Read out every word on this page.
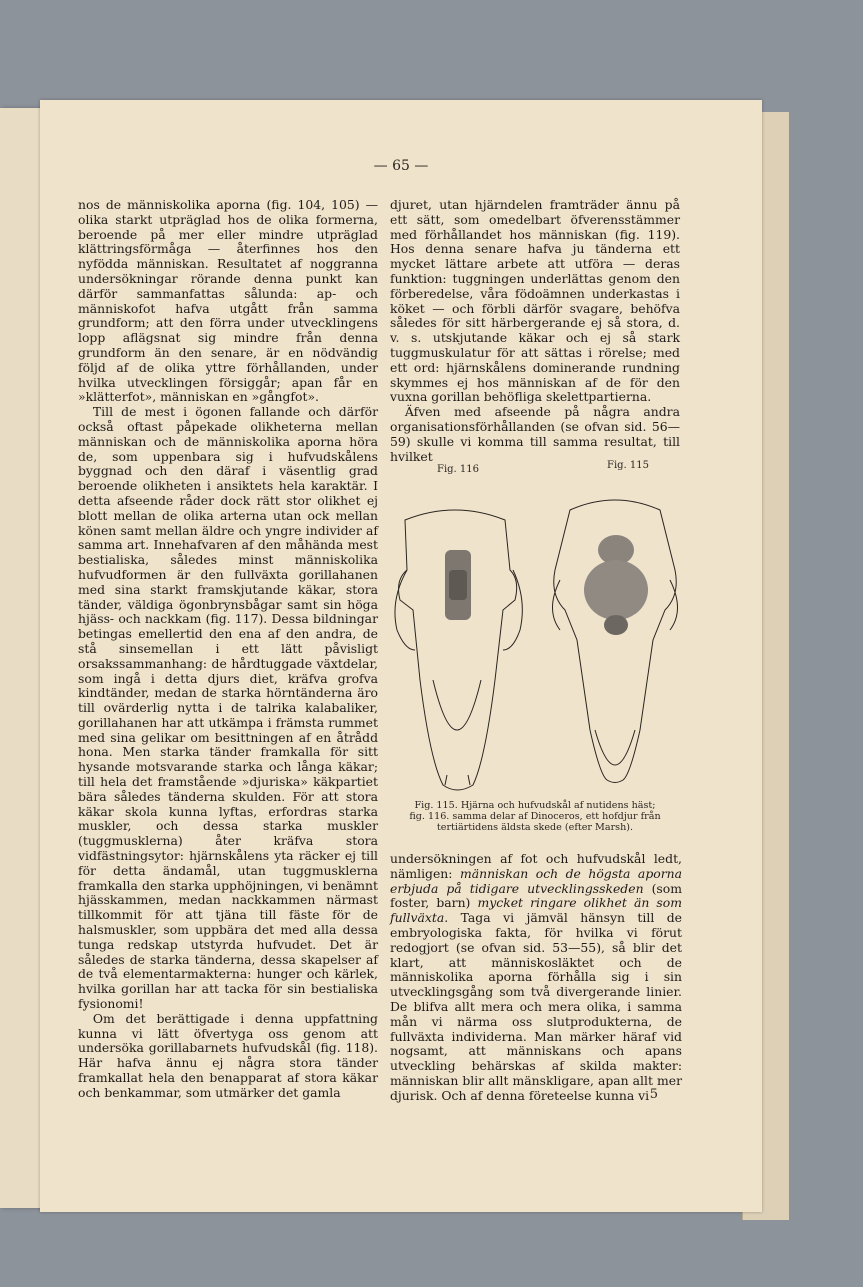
— 65 —

nos de människolika aporna (fig. 104, 105) — olika starkt utpräglad hos de olika formerna, beroende på mer eller mindre utpräglad klättringsförmåga — återfinnes hos den nyfödda människan. Resultatet af noggranna undersökningar rörande denna punkt kan därför sammanfattas sålunda: ap- och människofot hafva utgått från samma grundform; att den förra under utvecklingens lopp aflägsnat sig mindre från denna grundform än den senare, är en nödvändig följd af de olika yttre förhållanden, under hvilka utvecklingen försiggår; apan får en »klätterfot», människan en »gångfot».

Till de mest i ögonen fallande och därför också oftast påpekade olikheterna mellan människan och de människolika aporna höra de, som uppenbara sig i hufvudskålens byggnad och den däraf i väsentlig grad beroende olikheten i ansiktets hela karaktär. I detta afseende råder dock rätt stor olikhet ej blott mellan de olika arterna utan ock mellan könen samt mellan äldre och yngre individer af samma art. Innehafvaren af den måhända mest bestialiska, således minst människolika hufvudformen är den fullväxta gorillahanen med sina starkt framskjutande käkar, stora tänder, väldiga ögonbrynsbågar samt sin höga hjäss- och nackkam (fig. 117). Dessa bildningar betingas emellertid den ena af den andra, de stå sinsemellan i ett lätt påvisligt orsakssammanhang: de hårdtuggade växtdelar, som ingå i detta djurs diet, kräfva grofva kindtänder, medan de starka hörntänderna äro till ovärderlig nytta i de talrika kalabaliker, gorillahanen har att utkämpa i främsta rummet med sina gelikar om besittningen af en åtrådd hona. Men starka tänder framkalla för sitt hysande motsvarande starka och långa käkar; till hela det framstående »djuriska» käkpartiet bära således tänderna skulden. För att stora käkar skola kunna lyftas, erfordras starka muskler, och dessa starka muskler (tuggmusklerna) åter kräfva stora vidfästningsytor: hjärnskålens yta räcker ej till för detta ändamål, utan tuggmusklerna framkalla den starka upphöjningen, vi benämnt hjässkammen, medan nackkammen närmast tillkommit för att tjäna till fäste för de halsmuskler, som uppbära det med alla dessa tunga redskap utstyrda hufvudet. Det är således de starka tänderna, dessa skapelser af de två elementarmakterna: hunger och kärlek, hvilka gorillan har att tacka för sin bestialiska fysionomi!

Om det berättigade i denna uppfattning kunna vi lätt öfvertyga oss genom att undersöka gorillabarnets hufvudskål (fig. 118). Här hafva ännu ej några stora tänder framkallat hela den benapparat af stora käkar och benkammar, som utmärker det gamla

djuret, utan hjärndelen framträder ännu på ett sätt, som omedelbart öfverensstämmer med förhållandet hos människan (fig. 119). Hos denna senare hafva ju tänderna ett mycket lättare arbete att utföra — deras funktion: tuggningen underlättas genom den förberedelse, våra födoämnen underkastas i köket — och förbli därför svagare, behöfva således för sitt härbergerande ej så stora, d. v. s. utskjutande käkar och ej så stark tuggmuskulatur för att sättas i rörelse; med ett ord: hjärnskålens dominerande rundning skymmes ej hos människan af de för den vuxna gorillan behöfliga skelettpartierna.

Äfven med afseende på några andra organisationsförhållanden (se ofvan sid. 56—59) skulle vi komma till samma resultat, till hvilket

Fig. 116	Fig. 115
Fig. 115. Hjärna och hufvudskål af nutidens häst;
fig. 116. samma delar af Dinoceros, ett hofdjur från
tertiärtidens äldsta skede (efter Marsh).

undersökningen af fot och hufvudskål ledt, nämligen: människan och de högsta aporna erbjuda på tidigare utvecklingsskeden (som foster, barn) mycket ringare olikhet än som fullväxta. Taga vi jämväl hänsyn till de embryologiska fakta, för hvilka vi förut redogjort (se ofvan sid. 53—55), så blir det klart, att människosläktet och de människolika aporna förhålla sig i sin utvecklingsgång som två divergerande linier. De blifva allt mera och mera olika, i samma mån vi närma oss slutprodukterna, de fullväxta individerna. Man märker häraf vid nogsamt, att människans och apans utveckling behärskas af skilda makter: människan blir allt mänskligare, apan allt mer djurisk. Och af denna företeelse kunna vi 5
